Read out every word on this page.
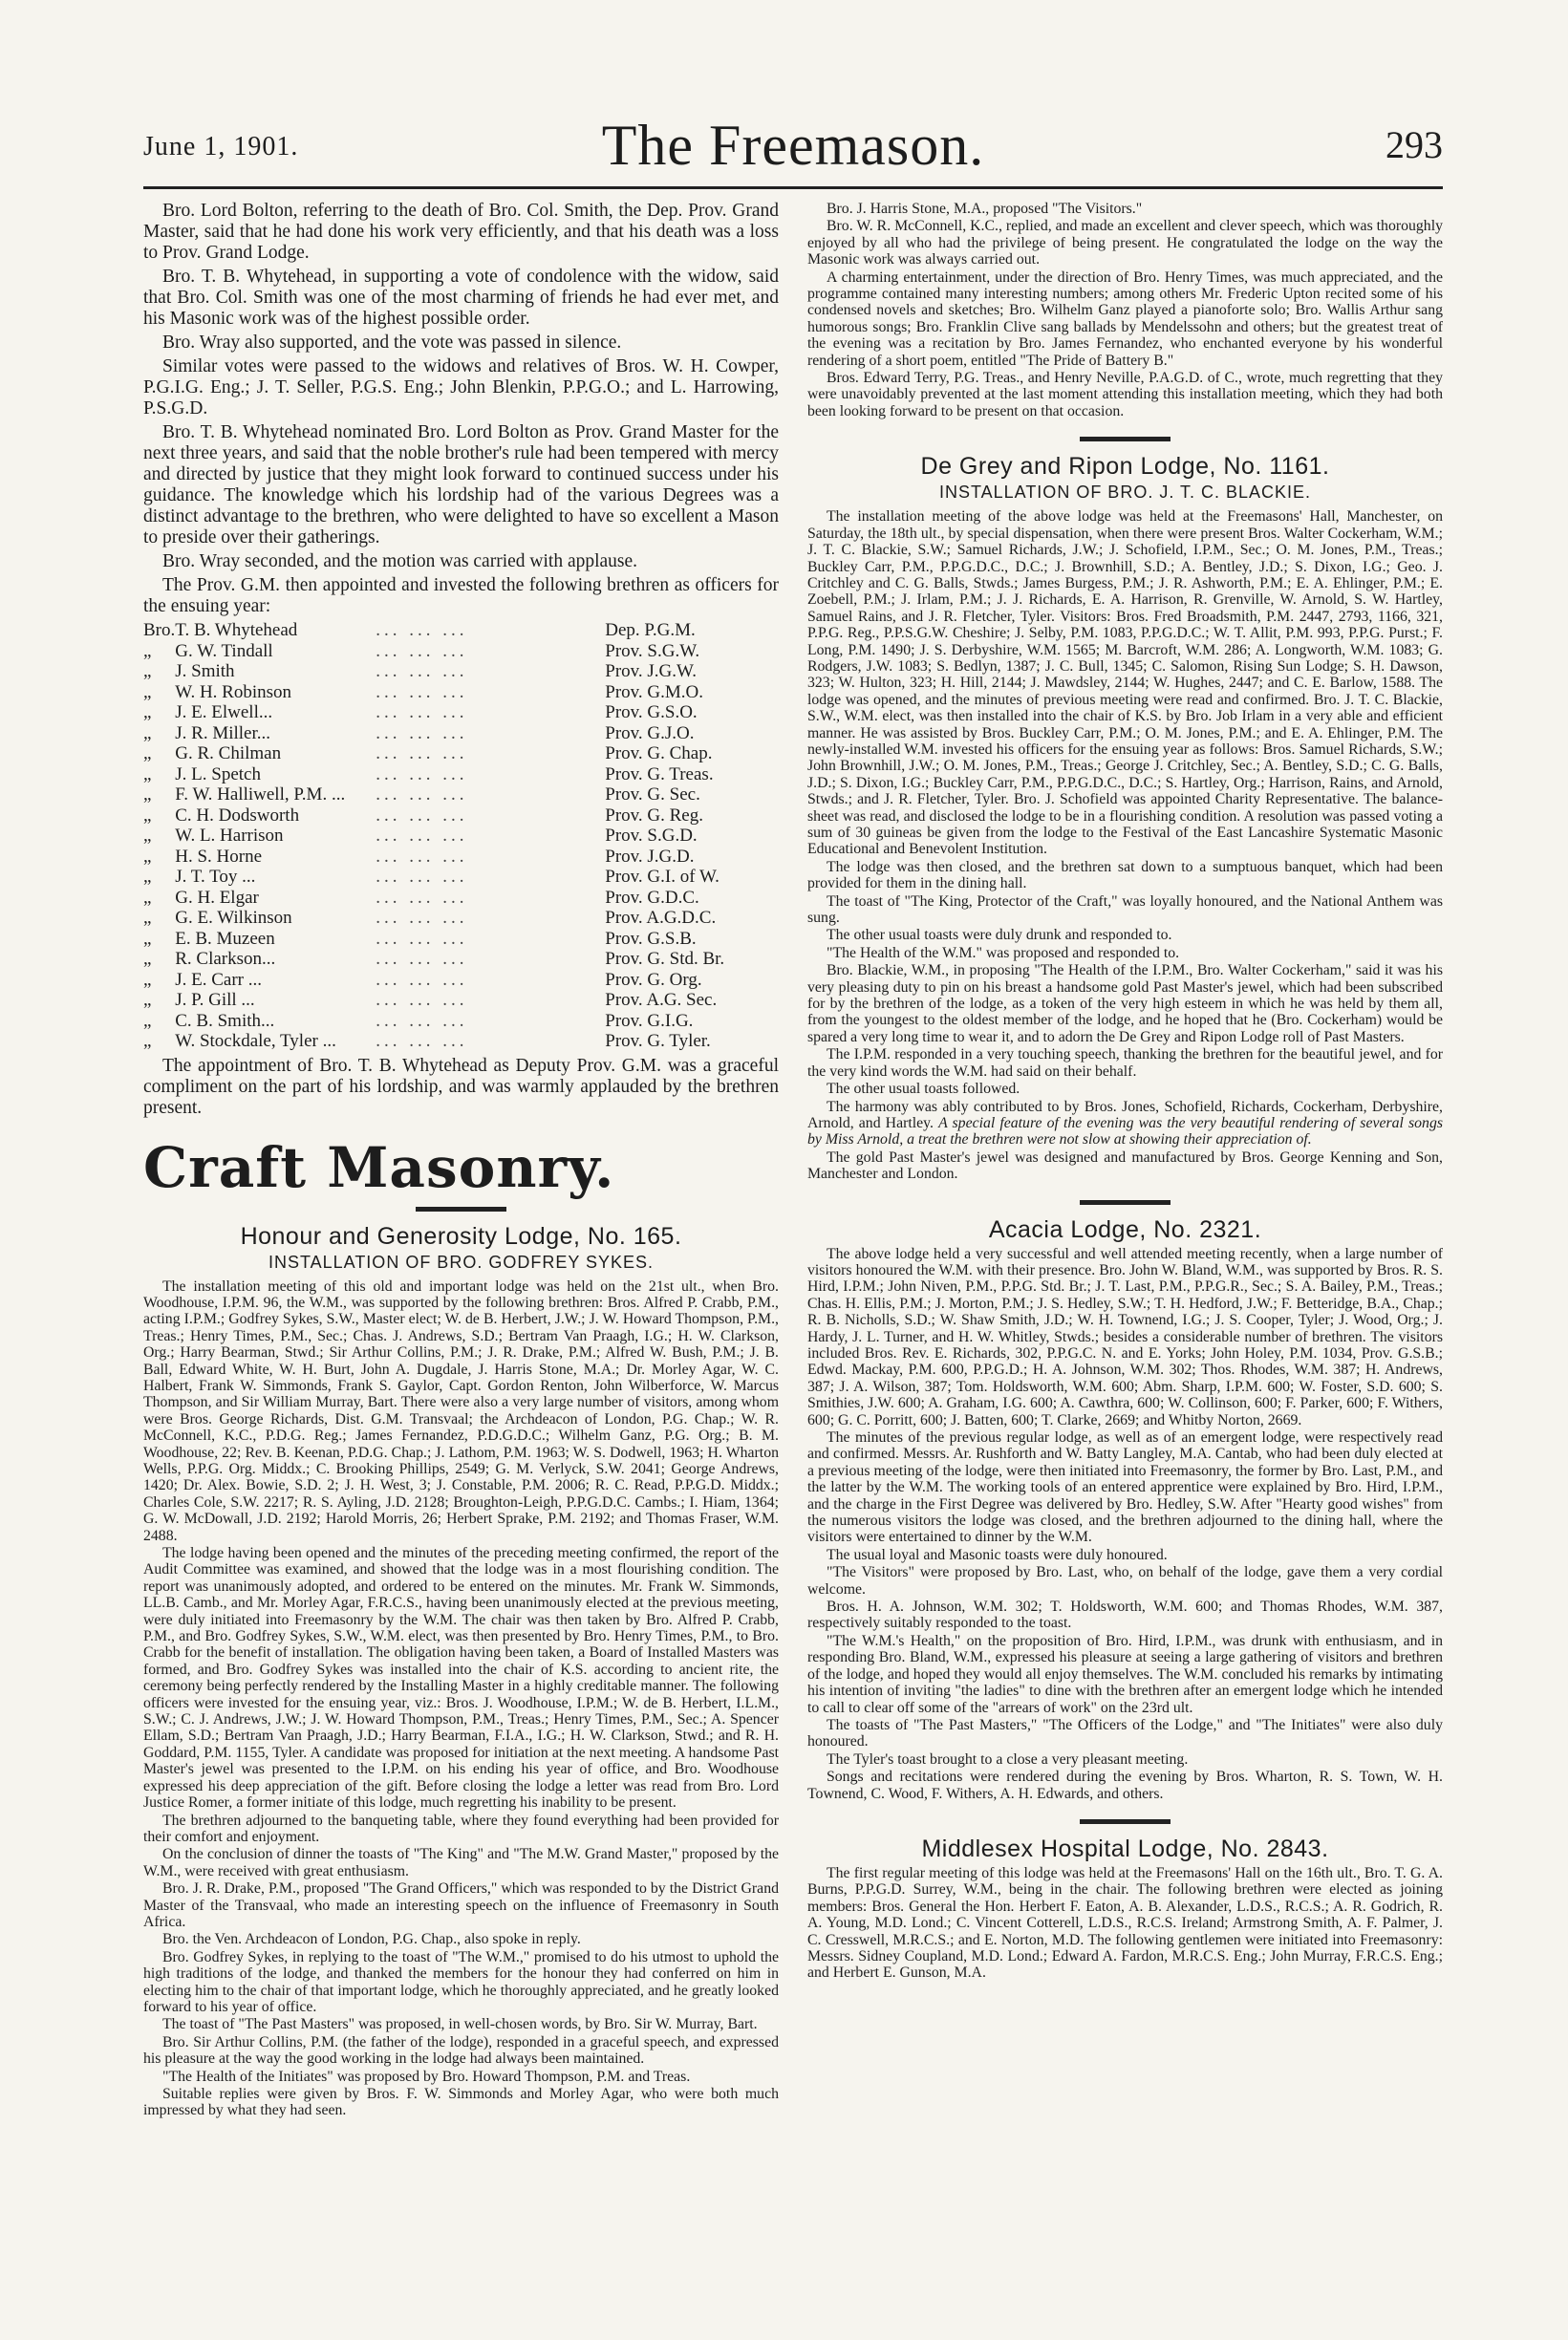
June 1, 1901.	The Freemason.	293

Bro. Lord Bolton, referring to the death of Bro. Col. Smith, the Dep. Prov. Grand Master, said that he had done his work very efficiently, and that his death was a loss to Prov. Grand Lodge.

Bro. T. B. Whytehead, in supporting a vote of condolence with the widow, said that Bro. Col. Smith was one of the most charming of friends he had ever met, and his Masonic work was of the highest possible order.

Bro. Wray also supported, and the vote was passed in silence.

Similar votes were passed to the widows and relatives of Bros. W. H. Cowper, P.G.I.G. Eng.; J. T. Seller, P.G.S. Eng.; John Blenkin, P.P.G.O.; and L. Harrowing, P.S.G.D.

Bro. T. B. Whytehead nominated Bro. Lord Bolton as Prov. Grand Master for the next three years, and said that the noble brother's rule had been tempered with mercy and directed by justice that they might look forward to continued success under his guidance. The knowledge which his lordship had of the various Degrees was a distinct advantage to the brethren, who were delighted to have so excellent a Mason to preside over their gatherings.

Bro. Wray seconded, and the motion was carried with applause.

The Prov. G.M. then appointed and invested the following brethren as officers for the ensuing year:

Bro.	T. B. Whytehead	... ... ...	Dep. P.G.M.
„	G. W. Tindall	... ... ...	Prov. S.G.W.
„	J. Smith	... ... ...	Prov. J.G.W.
„	W. H. Robinson	... ... ...	Prov. G.M.O.
„	J. E. Elwell...	... ... ...	Prov. G.S.O.
„	J. R. Miller...	... ... ...	Prov. G.J.O.
„	G. R. Chilman	... ... ...	Prov. G. Chap.
„	J. L. Spetch	... ... ...	Prov. G. Treas.
„	F. W. Halliwell, P.M. ...	... ... ...	Prov. G. Sec.
„	C. H. Dodsworth	... ... ...	Prov. G. Reg.
„	W. L. Harrison	... ... ...	Prov. S.G.D.
„	H. S. Horne	... ... ...	Prov. J.G.D.
„	J. T. Toy ...	... ... ...	Prov. G.I. of W.
„	G. H. Elgar	... ... ...	Prov. G.D.C.
„	G. E. Wilkinson	... ... ...	Prov. A.G.D.C.
„	E. B. Muzeen	... ... ...	Prov. G.S.B.
„	R. Clarkson...	... ... ...	Prov. G. Std. Br.
„	J. E. Carr ...	... ... ...	Prov. G. Org.
„	J. P. Gill ...	... ... ...	Prov. A.G. Sec.
„	C. B. Smith...	... ... ...	Prov. G.I.G.
„	W. Stockdale, Tyler ...	... ... ...	Prov. G. Tyler.

The appointment of Bro. T. B. Whytehead as Deputy Prov. G.M. was a graceful compliment on the part of his lordship, and was warmly applauded by the brethren present.

Craft Masonry.
Honour and Generosity Lodge, No. 165.
INSTALLATION OF BRO. GODFREY SYKES.

The installation meeting of this old and important lodge was held on the 21st ult., when Bro. Woodhouse, I.P.M. 96, the W.M., was supported by the following brethren: Bros. Alfred P. Crabb, P.M., acting I.P.M.; Godfrey Sykes, S.W., Master elect; W. de B. Herbert, J.W.; J. W. Howard Thompson, P.M., Treas.; Henry Times, P.M., Sec.; Chas. J. Andrews, S.D.; Bertram Van Praagh, I.G.; H. W. Clarkson, Org.; Harry Bearman, Stwd.; Sir Arthur Collins, P.M.; J. R. Drake, P.M.; Alfred W. Bush, P.M.; J. B. Ball, Edward White, W. H. Burt, John A. Dugdale, J. Harris Stone, M.A.; Dr. Morley Agar, W. C. Halbert, Frank W. Simmonds, Frank S. Gaylor, Capt. Gordon Renton, John Wilberforce, W. Marcus Thompson, and Sir William Murray, Bart. There were also a very large number of visitors, among whom were Bros. George Richards, Dist. G.M. Transvaal; the Archdeacon of London, P.G. Chap.; W. R. McConnell, K.C., P.D.G. Reg.; James Fernandez, P.D.G.D.C.; Wilhelm Ganz, P.G. Org.; B. M. Woodhouse, 22; Rev. B. Keenan, P.D.G. Chap.; J. Lathom, P.M. 1963; W. S. Dodwell, 1963; H. Wharton Wells, P.P.G. Org. Middx.; C. Brooking Phillips, 2549; G. M. Verlyck, S.W. 2041; George Andrews, 1420; Dr. Alex. Bowie, S.D. 2; J. H. West, 3; J. Constable, P.M. 2006; R. C. Read, P.P.G.D. Middx.; Charles Cole, S.W. 2217; R. S. Ayling, J.D. 2128; Broughton-Leigh, P.P.G.D.C. Cambs.; I. Hiam, 1364; G. W. McDowall, J.D. 2192; Harold Morris, 26; Herbert Sprake, P.M. 2192; and Thomas Fraser, W.M. 2488.

The lodge having been opened and the minutes of the preceding meeting confirmed, the report of the Audit Committee was examined, and showed that the lodge was in a most flourishing condition. The report was unanimously adopted, and ordered to be entered on the minutes. Mr. Frank W. Simmonds, LL.B. Camb., and Mr. Morley Agar, F.R.C.S., having been unanimously elected at the previous meeting, were duly initiated into Freemasonry by the W.M. The chair was then taken by Bro. Alfred P. Crabb, P.M., and Bro. Godfrey Sykes, S.W., W.M. elect, was then presented by Bro. Henry Times, P.M., to Bro. Crabb for the benefit of installation. The obligation having been taken, a Board of Installed Masters was formed, and Bro. Godfrey Sykes was installed into the chair of K.S. according to ancient rite, the ceremony being perfectly rendered by the Installing Master in a highly creditable manner. The following officers were invested for the ensuing year, viz.: Bros. J. Woodhouse, I.P.M.; W. de B. Herbert, I.L.M., S.W.; C. J. Andrews, J.W.; J. W. Howard Thompson, P.M., Treas.; Henry Times, P.M., Sec.; A. Spencer Ellam, S.D.; Bertram Van Praagh, J.D.; Harry Bearman, F.I.A., I.G.; H. W. Clarkson, Stwd.; and R. H. Goddard, P.M. 1155, Tyler. A candidate was proposed for initiation at the next meeting. A handsome Past Master's jewel was presented to the I.P.M. on his ending his year of office, and Bro. Woodhouse expressed his deep appreciation of the gift. Before closing the lodge a letter was read from Bro. Lord Justice Romer, a former initiate of this lodge, much regretting his inability to be present.

The brethren adjourned to the banqueting table, where they found everything had been provided for their comfort and enjoyment.

On the conclusion of dinner the toasts of "The King" and "The M.W. Grand Master," proposed by the W.M., were received with great enthusiasm.

Bro. J. R. Drake, P.M., proposed "The Grand Officers," which was responded to by the District Grand Master of the Transvaal, who made an interesting speech on the influence of Freemasonry in South Africa.

Bro. the Ven. Archdeacon of London, P.G. Chap., also spoke in reply.

Bro. Godfrey Sykes, in replying to the toast of "The W.M.," promised to do his utmost to uphold the high traditions of the lodge, and thanked the members for the honour they had conferred on him in electing him to the chair of that important lodge, which he thoroughly appreciated, and he greatly looked forward to his year of office.

The toast of "The Past Masters" was proposed, in well-chosen words, by Bro. Sir W. Murray, Bart.

Bro. Sir Arthur Collins, P.M. (the father of the lodge), responded in a graceful speech, and expressed his pleasure at the way the good working in the lodge had always been maintained.

"The Health of the Initiates" was proposed by Bro. Howard Thompson, P.M. and Treas.

Suitable replies were given by Bros. F. W. Simmonds and Morley Agar, who were both much impressed by what they had seen.

Bro. J. Harris Stone, M.A., proposed "The Visitors."

Bro. W. R. McConnell, K.C., replied, and made an excellent and clever speech, which was thoroughly enjoyed by all who had the privilege of being present. He congratulated the lodge on the way the Masonic work was always carried out.

A charming entertainment, under the direction of Bro. Henry Times, was much appreciated, and the programme contained many interesting numbers; among others Mr. Frederic Upton recited some of his condensed novels and sketches; Bro. Wilhelm Ganz played a pianoforte solo; Bro. Wallis Arthur sang humorous songs; Bro. Franklin Clive sang ballads by Mendelssohn and others; but the greatest treat of the evening was a recitation by Bro. James Fernandez, who enchanted everyone by his wonderful rendering of a short poem, entitled "The Pride of Battery B."

Bros. Edward Terry, P.G. Treas., and Henry Neville, P.A.G.D. of C., wrote, much regretting that they were unavoidably prevented at the last moment attending this installation meeting, which they had both been looking forward to be present on that occasion.

De Grey and Ripon Lodge, No. 1161.
INSTALLATION OF BRO. J. T. C. BLACKIE.

The installation meeting of the above lodge was held at the Freemasons' Hall, Manchester, on Saturday, the 18th ult., by special dispensation, when there were present Bros. Walter Cockerham, W.M.; J. T. C. Blackie, S.W.; Samuel Richards, J.W.; J. Schofield, I.P.M., Sec.; O. M. Jones, P.M., Treas.; Buckley Carr, P.M., P.P.G.D.C., D.C.; J. Brownhill, S.D.; A. Bentley, J.D.; S. Dixon, I.G.; Geo. J. Critchley and C. G. Balls, Stwds.; James Burgess, P.M.; J. R. Ashworth, P.M.; E. A. Ehlinger, P.M.; E. Zoebell, P.M.; J. Irlam, P.M.; J. J. Richards, E. A. Harrison, R. Grenville, W. Arnold, S. W. Hartley, Samuel Rains, and J. R. Fletcher, Tyler. Visitors: Bros. Fred Broadsmith, P.M. 2447, 2793, 1166, 321, P.P.G. Reg., P.P.S.G.W. Cheshire; J. Selby, P.M. 1083, P.P.G.D.C.; W. T. Allit, P.M. 993, P.P.G. Purst.; F. Long, P.M. 1490; J. S. Derbyshire, W.M. 1565; M. Barcroft, W.M. 286; A. Longworth, W.M. 1083; G. Rodgers, J.W. 1083; S. Bedlyn, 1387; J. C. Bull, 1345; C. Salomon, Rising Sun Lodge; S. H. Dawson, 323; W. Hulton, 323; H. Hill, 2144; J. Mawdsley, 2144; W. Hughes, 2447; and C. E. Barlow, 1588. The lodge was opened, and the minutes of previous meeting were read and confirmed. Bro. J. T. C. Blackie, S.W., W.M. elect, was then installed into the chair of K.S. by Bro. Job Irlam in a very able and efficient manner. He was assisted by Bros. Buckley Carr, P.M.; O. M. Jones, P.M.; and E. A. Ehlinger, P.M. The newly-installed W.M. invested his officers for the ensuing year as follows: Bros. Samuel Richards, S.W.; John Brownhill, J.W.; O. M. Jones, P.M., Treas.; George J. Critchley, Sec.; A. Bentley, S.D.; C. G. Balls, J.D.; S. Dixon, I.G.; Buckley Carr, P.M., P.P.G.D.C., D.C.; S. Hartley, Org.; Harrison, Rains, and Arnold, Stwds.; and J. R. Fletcher, Tyler. Bro. J. Schofield was appointed Charity Representative. The balance-sheet was read, and disclosed the lodge to be in a flourishing condition. A resolution was passed voting a sum of 30 guineas be given from the lodge to the Festival of the East Lancashire Systematic Masonic Educational and Benevolent Institution.

The lodge was then closed, and the brethren sat down to a sumptuous banquet, which had been provided for them in the dining hall.

The toast of "The King, Protector of the Craft," was loyally honoured, and the National Anthem was sung.

The other usual toasts were duly drunk and responded to.

"The Health of the W.M." was proposed and responded to.

Bro. Blackie, W.M., in proposing "The Health of the I.P.M., Bro. Walter Cockerham," said it was his very pleasing duty to pin on his breast a handsome gold Past Master's jewel, which had been subscribed for by the brethren of the lodge, as a token of the very high esteem in which he was held by them all, from the youngest to the oldest member of the lodge, and he hoped that he (Bro. Cockerham) would be spared a very long time to wear it, and to adorn the De Grey and Ripon Lodge roll of Past Masters.

The I.P.M. responded in a very touching speech, thanking the brethren for the beautiful jewel, and for the very kind words the W.M. had said on their behalf.

The other usual toasts followed.

The harmony was ably contributed to by Bros. Jones, Schofield, Richards, Cockerham, Derbyshire, Arnold, and Hartley. A special feature of the evening was the very beautiful rendering of several songs by Miss Arnold, a treat the brethren were not slow at showing their appreciation of.

The gold Past Master's jewel was designed and manufactured by Bros. George Kenning and Son, Manchester and London.

Acacia Lodge, No. 2321.

The above lodge held a very successful and well attended meeting recently, when a large number of visitors honoured the W.M. with their presence. Bro. John W. Bland, W.M., was supported by Bros. R. S. Hird, I.P.M.; John Niven, P.M., P.P.G. Std. Br.; J. T. Last, P.M., P.P.G.R., Sec.; S. A. Bailey, P.M., Treas.; Chas. H. Ellis, P.M.; J. Morton, P.M.; J. S. Hedley, S.W.; T. H. Hedford, J.W.; F. Betteridge, B.A., Chap.; R. B. Nicholls, S.D.; W. Shaw Smith, J.D.; W. H. Townend, I.G.; J. S. Cooper, Tyler; J. Wood, Org.; J. Hardy, J. L. Turner, and H. W. Whitley, Stwds.; besides a considerable number of brethren. The visitors included Bros. Rev. E. Richards, 302, P.P.G.C. N. and E. Yorks; John Holey, P.M. 1034, Prov. G.S.B.; Edwd. Mackay, P.M. 600, P.P.G.D.; H. A. Johnson, W.M. 302; Thos. Rhodes, W.M. 387; H. Andrews, 387; J. A. Wilson, 387; Tom. Holdsworth, W.M. 600; Abm. Sharp, I.P.M. 600; W. Foster, S.D. 600; S. Smithies, J.W. 600; A. Graham, I.G. 600; A. Cawthra, 600; W. Collinson, 600; F. Parker, 600; F. Withers, 600; G. C. Porritt, 600; J. Batten, 600; T. Clarke, 2669; and Whitby Norton, 2669.

The minutes of the previous regular lodge, as well as of an emergent lodge, were respectively read and confirmed. Messrs. Ar. Rushforth and W. Batty Langley, M.A. Cantab, who had been duly elected at a previous meeting of the lodge, were then initiated into Freemasonry, the former by Bro. Last, P.M., and the latter by the W.M. The working tools of an entered apprentice were explained by Bro. Hird, I.P.M., and the charge in the First Degree was delivered by Bro. Hedley, S.W. After "Hearty good wishes" from the numerous visitors the lodge was closed, and the brethren adjourned to the dining hall, where the visitors were entertained to dinner by the W.M.

The usual loyal and Masonic toasts were duly honoured.

"The Visitors" were proposed by Bro. Last, who, on behalf of the lodge, gave them a very cordial welcome.

Bros. H. A. Johnson, W.M. 302; T. Holdsworth, W.M. 600; and Thomas Rhodes, W.M. 387, respectively suitably responded to the toast.

"The W.M.'s Health," on the proposition of Bro. Hird, I.P.M., was drunk with enthusiasm, and in responding Bro. Bland, W.M., expressed his pleasure at seeing a large gathering of visitors and brethren of the lodge, and hoped they would all enjoy themselves. The W.M. concluded his remarks by intimating his intention of inviting "the ladies" to dine with the brethren after an emergent lodge which he intended to call to clear off some of the "arrears of work" on the 23rd ult.

The toasts of "The Past Masters," "The Officers of the Lodge," and "The Initiates" were also duly honoured.

The Tyler's toast brought to a close a very pleasant meeting.

Songs and recitations were rendered during the evening by Bros. Wharton, R. S. Town, W. H. Townend, C. Wood, F. Withers, A. H. Edwards, and others.

Middlesex Hospital Lodge, No. 2843.

The first regular meeting of this lodge was held at the Freemasons' Hall on the 16th ult., Bro. T. G. A. Burns, P.P.G.D. Surrey, W.M., being in the chair. The following brethren were elected as joining members: Bros. General the Hon. Herbert F. Eaton, A. B. Alexander, L.D.S., R.C.S.; A. R. Godrich, R. A. Young, M.D. Lond.; C. Vincent Cotterell, L.D.S., R.C.S. Ireland; Armstrong Smith, A. F. Palmer, J. C. Cresswell, M.R.C.S.; and E. Norton, M.D. The following gentlemen were initiated into Freemasonry: Messrs. Sidney Coupland, M.D. Lond.; Edward A. Fardon, M.R.C.S. Eng.; John Murray, F.R.C.S. Eng.; and Herbert E. Gunson, M.A.
